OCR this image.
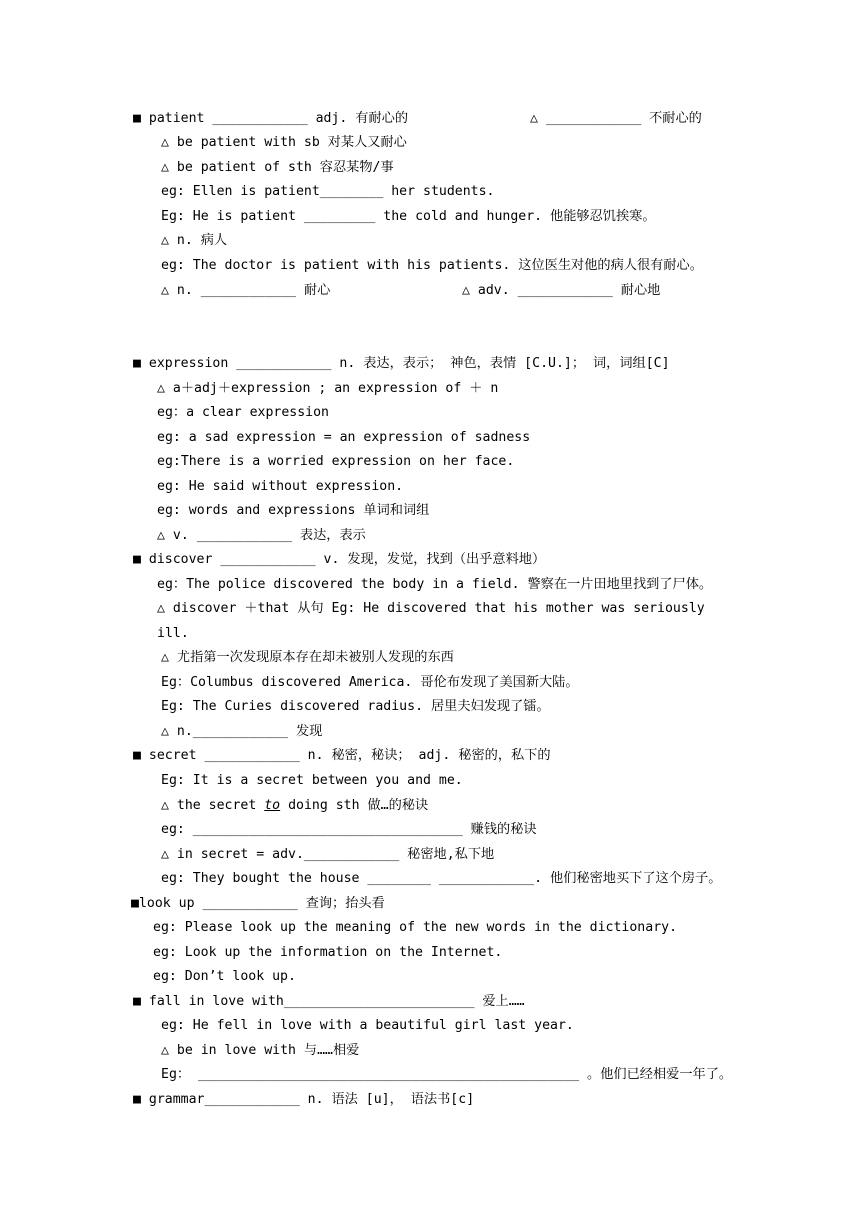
■ patient ____________ adj. 有耐心的	△ ____________ 不耐心的
△ be patient with sb 对某人又耐心
△ be patient of sth 容忍某物/事
eg: Ellen is patient________ her students.
Eg: He is patient _________ the cold and hunger. 他能够忍饥挨寒。
△ n. 病人
eg: The doctor is patient with his patients. 这位医生对他的病人很有耐心。
△ n. ____________ 耐心	△ adv. ____________ 耐心地
■ expression ____________ n. 表达，表示； 神色，表情 [C.U.]； 词，词组[C]
△ a＋adj＋expression ; an expression of ＋ n
eg：a clear expression
eg: a sad expression = an expression of sadness
eg:There is a worried expression on her face.
eg: He said without expression.
eg: words and expressions 单词和词组
△ v. ____________ 表达，表示
■ discover ____________ v. 发现，发觉，找到（出乎意料地）
eg：The police discovered the body in a field. 警察在一片田地里找到了尸体。
△ discover ＋that 从句 Eg: He discovered that his mother was seriously
ill.
△ 尤指第一次发现原本存在却未被别人发现的东西
Eg：Columbus discovered America. 哥伦布发现了美国新大陆。
Eg: The Curies discovered radius. 居里夫妇发现了镭。
△ n.____________ 发现
■ secret ____________ n. 秘密，秘诀； adj. 秘密的，私下的
Eg: It is a secret between you and me.
△ the secret to doing sth 做…的秘诀
eg: __________________________________ 赚钱的秘诀
△ in secret = adv.____________ 秘密地,私下地
eg: They bought the house ________ ____________. 他们秘密地买下了这个房子。
■look up ____________ 查询；抬头看
eg: Please look up the meaning of the new words in the dictionary.
eg: Look up the information on the Internet.
eg: Don’t look up.
■ fall in love with________________________ 爱上……
eg: He fell in love with a beautiful girl last year.
△ be in love with 与……相爱
Eg： ________________________________________________ 。他们已经相爱一年了。
■ grammar____________ n. 语法 [u]， 语法书[c]
